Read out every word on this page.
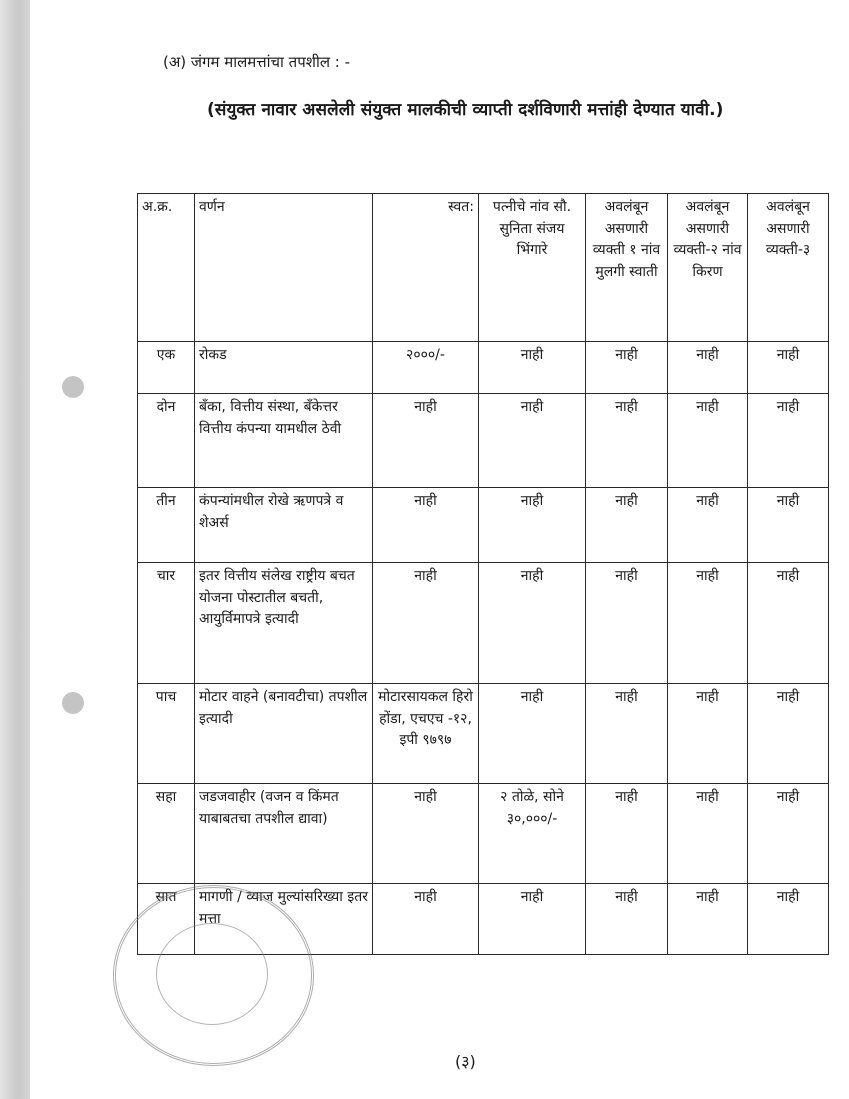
(अ) जंगम मालमत्तांचा तपशील : -
(संयुक्त नावार असलेली संयुक्त मालकीची व्याप्ती दर्शविणारी मत्तांही देण्यात यावी.)
अ.क्र.	वर्णन	स्वत:	पत्नीचे नांव सौ. सुनिता संजय भिंगारे	अवलंबून असणारी व्यक्ती १ नांव मुलगी स्वाती	अवलंबून असणारी व्यक्ती-२ नांव किरण	अवलंबून असणारी व्यक्ती-३
एक	रोकड	२०००/-	नाही	नाही	नाही	नाही
दोन	बँका, वित्तीय संस्था, बँकेत्तर वित्तीय कंपन्या यामधील ठेवी	नाही	नाही	नाही	नाही	नाही
तीन	कंपन्यांमधील रोखे ऋणपत्रे व शेअर्स	नाही	नाही	नाही	नाही	नाही
चार	इतर वित्तीय संलेख राष्ट्रीय बचत योजना पोस्टातील बचती, आयुर्विमापत्रे इत्यादी	नाही	नाही	नाही	नाही	नाही
पाच	मोटार वाहने (बनावटीचा) तपशील इत्यादी	मोटारसायकल हिरो होंडा, एचएच -१२, इपी ९७९७	नाही	नाही	नाही	नाही
सहा	जडजवाहीर (वजन व किंमत याबाबतचा तपशील द्यावा)	नाही	२ तोळे, सोने ३०,०००/-	नाही	नाही	नाही
सात	मागणी / व्याज मुल्यांसरिख्या इतर मत्ता	नाही	नाही	नाही	नाही	नाही
(३)
